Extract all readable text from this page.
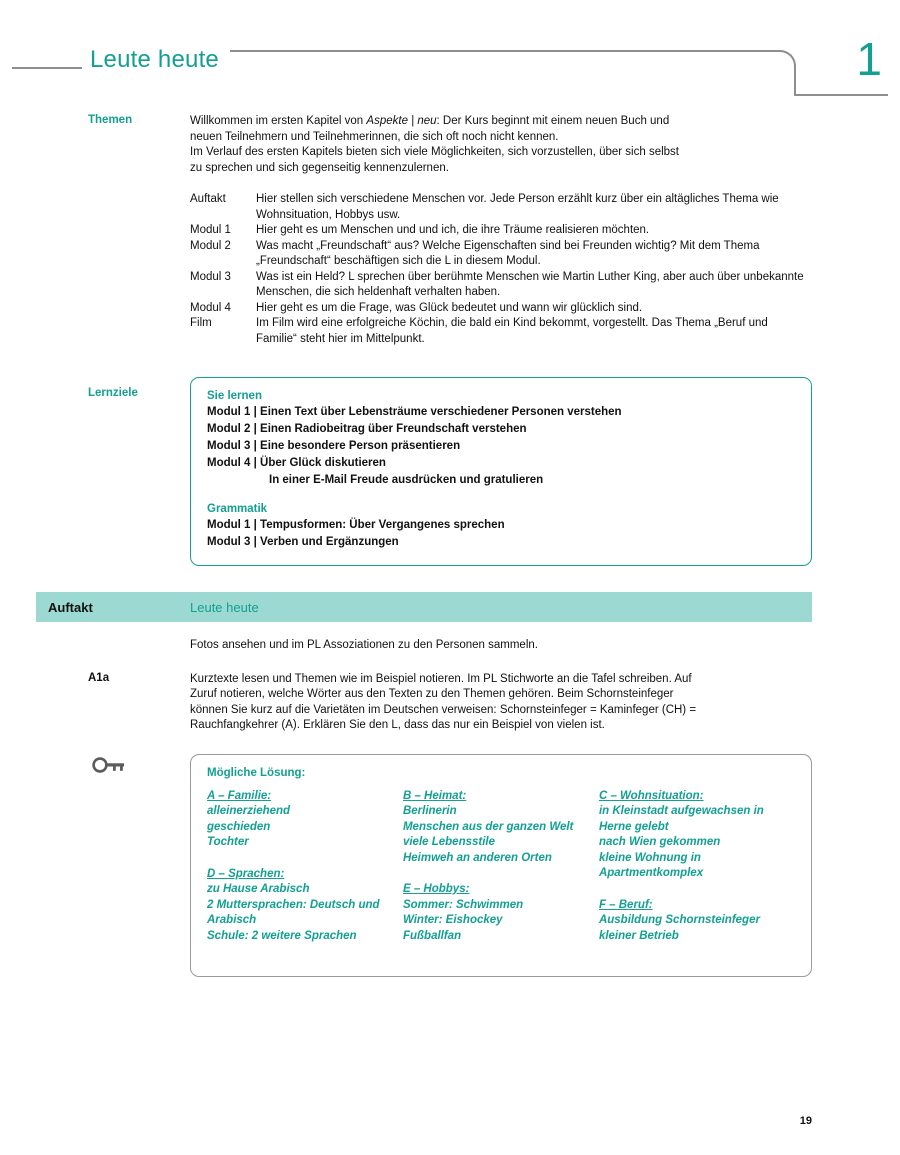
Leute heute	1
Themen	Willkommen im ersten Kapitel von Aspekte | neu: Der Kurs beginnt mit einem neuen Buch und

neuen Teilnehmern und Teilnehmerinnen, die sich oft noch nicht kennen.

Im Verlauf des ersten Kapitels bieten sich viele Möglichkeiten, sich vorzustellen, über sich selbst

zu sprechen und sich gegenseitig kennenzulernen.

Auftakt	Hier stellen sich verschiedene Menschen vor. Jede Person erzählt kurz über ein altägliches Thema wie Wohnsituation, Hobbys usw.
Modul 1	Hier geht es um Menschen und und ich, die ihre Träume realisieren möchten.
Modul 2	Was macht „Freundschaft“ aus? Welche Eigenschaften sind bei Freunden wichtig? Mit dem Thema „Freundschaft“ beschäftigen sich die L in diesem Modul.
Modul 3	Was ist ein Held? L sprechen über berühmte Menschen wie Martin Luther King, aber auch über unbekannte Menschen, die sich heldenhaft verhalten haben.
Modul 4	Hier geht es um die Frage, was Glück bedeutet und wann wir glücklich sind.
Film	Im Film wird eine erfolgreiche Köchin, die bald ein Kind bekommt, vorgestellt. Das Thema „Beruf und Familie“ steht hier im Mittelpunkt.
Lernziele	Sie lernen
Modul 1 | Einen Text über Lebensträume verschiedener Personen verstehen
Modul 2 | Einen Radiobeitrag über Freundschaft verstehen
Modul 3 | Eine besondere Person präsentieren
Modul 4 | Über Glück diskutieren
In einer E-Mail Freude ausdrücken und gratulieren
Grammatik
Modul 1 | Tempusformen: Über Vergangenes sprechen
Modul 3 | Verben und Ergänzungen
Auftakt	Leute heute
Fotos ansehen und im PL Assoziationen zu den Personen sammeln.
A1a	Kurztexte lesen und Themen wie im Beispiel notieren. Im PL Stichworte an die Tafel schreiben. Auf

Zuruf notieren, welche Wörter aus den Texten zu den Themen gehören. Beim Schornsteinfeger

können Sie kurz auf die Varietäten im Deutschen verweisen: Schornsteinfeger = Kaminfeger (CH) =

Rauchfangkehrer (A). Erklären Sie den L, dass das nur ein Beispiel von vielen ist.

Mögliche Lösung:
A – Familie:
alleinerziehend
geschieden
Tochter
D – Sprachen:
zu Hause Arabisch
2 Muttersprachen: Deutsch und
Arabisch
Schule: 2 weitere Sprachen
B – Heimat:
Berlinerin
Menschen aus der ganzen Welt
viele Lebensstile
Heimweh an anderen Orten
E – Hobbys:
Sommer: Schwimmen
Winter: Eishockey
Fußballfan
C – Wohnsituation:
in Kleinstadt aufgewachsen in
Herne gelebt
nach Wien gekommen
kleine Wohnung in
Apartmentkomplex
F – Beruf:
Ausbildung Schornsteinfeger
kleiner Betrieb
19
